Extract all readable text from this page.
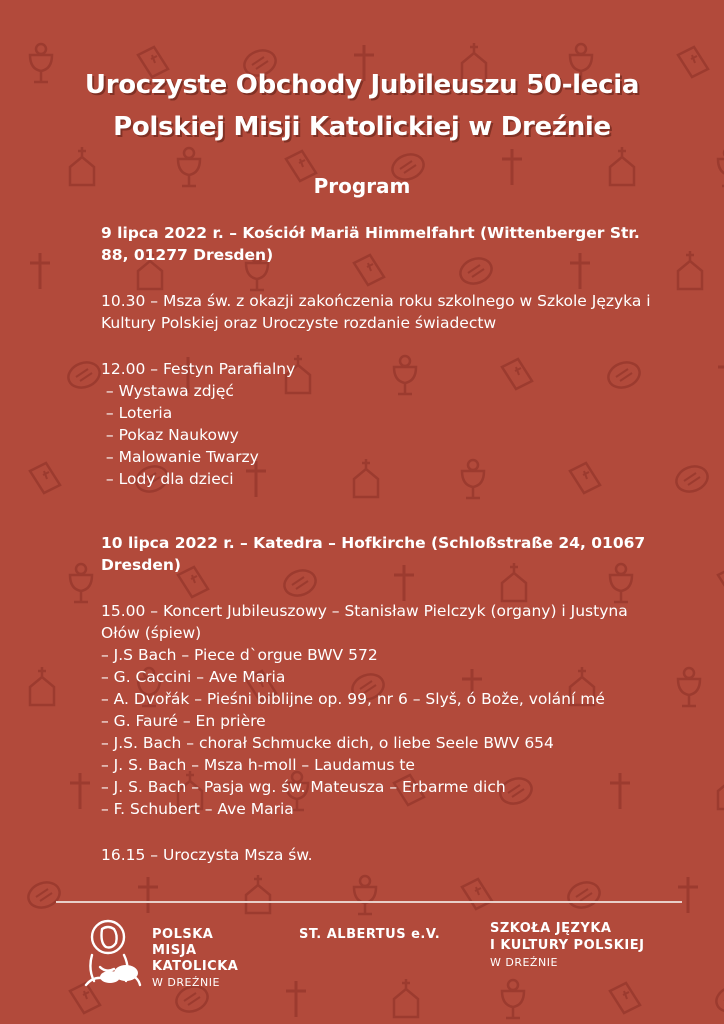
Uroczyste Obchody Jubileuszu 50-lecia
Polskiej Misji Katolickiej w Dreźnie
Program
9 lipca 2022 r. – Kościół Mariä Himmelfahrt (Wittenberger Str. 88, 01277 Dresden)
10.30 – Msza św. z okazji zakończenia roku szkolnego w Szkole Języka i Kultury Polskiej oraz Uroczyste rozdanie świadectw
12.00 – Festyn Parafialny
– Wystawa zdjęć
– Loteria
– Pokaz Naukowy
– Malowanie Twarzy
– Lody dla dzieci
10 lipca 2022 r. – Katedra – Hofkirche (Schloßstraße 24, 01067 Dresden)
15.00 – Koncert Jubileuszowy – Stanisław Pielczyk (organy) i Justyna Ołów (śpiew)
– J.S Bach – Piece d`orgue BWV 572
– G. Caccini – Ave Maria
– A. Dvořák – Pieśni biblijne op. 99, nr 6 – Slyš, ó Bože, volání mé
– G. Fauré – En prière
– J.S. Bach – chorał Schmucke dich, o liebe Seele BWV 654
– J. S. Bach – Msza h-moll – Laudamus te
– J. S. Bach – Pasja wg. św. Mateusza – Erbarme dich
– F. Schubert – Ave Maria
16.15 – Uroczysta Msza św.
POLSKA
MISJA
KATOLICKA
W DREŹNIE
ST. ALBERTUS e.V.	SZKOŁA JĘZYKA
I KULTURY POLSKIEJ
W DREŹNIE
